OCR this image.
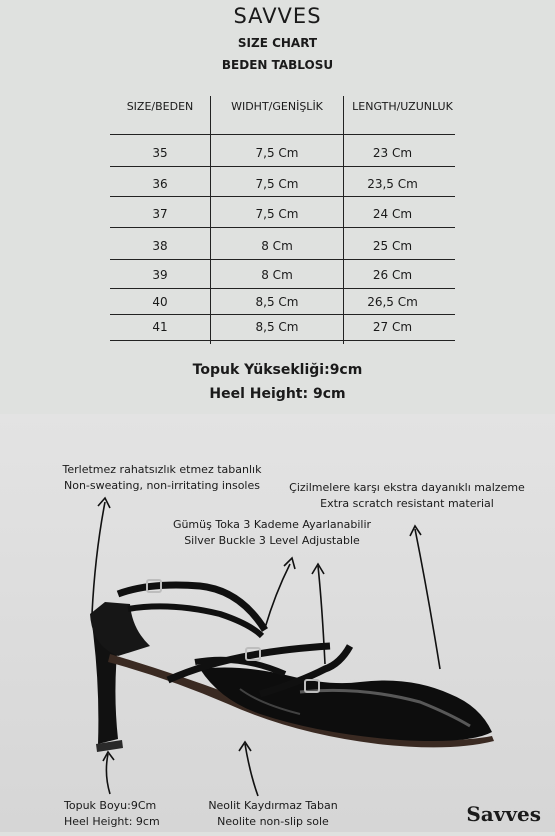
SAVVES
SIZE CHART
BEDEN TABLOSU
SIZE/BEDEN	WIDHT/GENİŞLİK	LENGTH/UZUNLUK
35	7,5 Cm	23 Cm
36	7,5 Cm	23,5 Cm
37	7,5 Cm	24 Cm
38	8 Cm	25 Cm
39	8 Cm	26 Cm
40	8,5 Cm	26,5 Cm
41	8,5 Cm	27 Cm
Topuk Yüksekliği:9cm
Heel Height: 9cm
Terletmez rahatsızlık etmez tabanlık
Non-sweating, non-irritating insoles	Çizilmelere karşı ekstra dayanıklı malzeme
Extra scratch resistant material
Gümüş Toka 3 Kademe Ayarlanabilir
Silver Buckle 3 Level Adjustable
Topuk Boyu:9Cm
Heel Height: 9cm
Neolit Kaydırmaz Taban
Neolite non-slip sole	Savves
